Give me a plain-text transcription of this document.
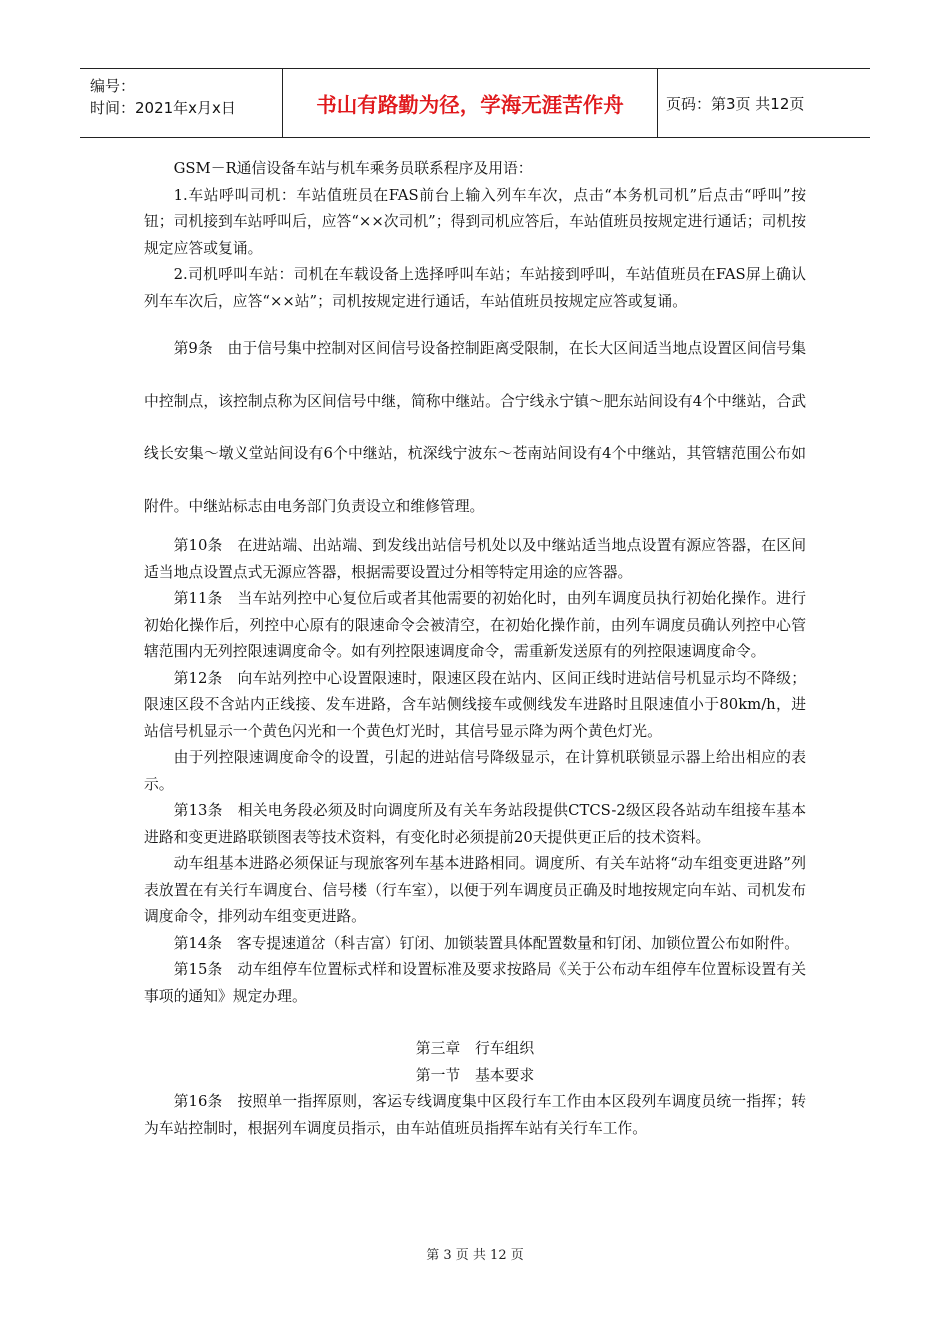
编号：
时间：2021年x月x日	书山有路勤为径，学海无涯苦作舟	页码：第3页 共12页

GSM－R通信设备车站与机车乘务员联系程序及用语：

1.车站呼叫司机：车站值班员在FAS前台上输入列车车次，点击“本务机司机”后点击“呼叫”按钮；司机接到车站呼叫后，应答“××次司机”；得到司机应答后，车站值班员按规定进行通话；司机按规定应答或复诵。

2.司机呼叫车站：司机在车载设备上选择呼叫车站；车站接到呼叫，车站值班员在FAS屏上确认列车车次后，应答“××站”；司机按规定进行通话，车站值班员按规定应答或复诵。

第9条　由于信号集中控制对区间信号设备控制距离受限制，在长大区间适当地点设置区间信号集中控制点，该控制点称为区间信号中继，简称中继站。合宁线永宁镇～肥东站间设有4个中继站，合武线长安集～墩义堂站间设有6个中继站，杭深线宁波东～苍南站间设有4个中继站，其管辖范围公布如附件。中继站标志由电务部门负责设立和维修管理。

第10条　在进站端、出站端、到发线出站信号机处以及中继站适当地点设置有源应答器，在区间适当地点设置点式无源应答器，根据需要设置过分相等特定用途的应答器。

第11条　当车站列控中心复位后或者其他需要的初始化时，由列车调度员执行初始化操作。进行初始化操作后，列控中心原有的限速命令会被清空，在初始化操作前，由列车调度员确认列控中心管辖范围内无列控限速调度命令。如有列控限速调度命令，需重新发送原有的列控限速调度命令。

第12条　向车站列控中心设置限速时，限速区段在站内、区间正线时进站信号机显示均不降级；限速区段不含站内正线接、发车进路，含车站侧线接车或侧线发车进路时且限速值小于80km/h，进站信号机显示一个黄色闪光和一个黄色灯光时，其信号显示降为两个黄色灯光。

由于列控限速调度命令的设置，引起的进站信号降级显示，在计算机联锁显示器上给出相应的表示。

第13条　相关电务段必须及时向调度所及有关车务站段提供CTCS-2级区段各站动车组接车基本进路和变更进路联锁图表等技术资料，有变化时必须提前20天提供更正后的技术资料。

动车组基本进路必须保证与现旅客列车基本进路相同。调度所、有关车站将“动车组变更进路”列表放置在有关行车调度台、信号楼（行车室），以便于列车调度员正确及时地按规定向车站、司机发布调度命令，排列动车组变更进路。

第14条　客专提速道岔（科吉富）钉闭、加锁装置具体配置数量和钉闭、加锁位置公布如附件。

第15条　动车组停车位置标式样和设置标准及要求按路局《关于公布动车组停车位置标设置有关事项的通知》规定办理。

第三章　行车组织

第一节　基本要求

第16条　按照单一指挥原则，客运专线调度集中区段行车工作由本区段列车调度员统一指挥；转为车站控制时，根据列车调度员指示，由车站值班员指挥车站有关行车工作。

第 3 页 共 12 页
